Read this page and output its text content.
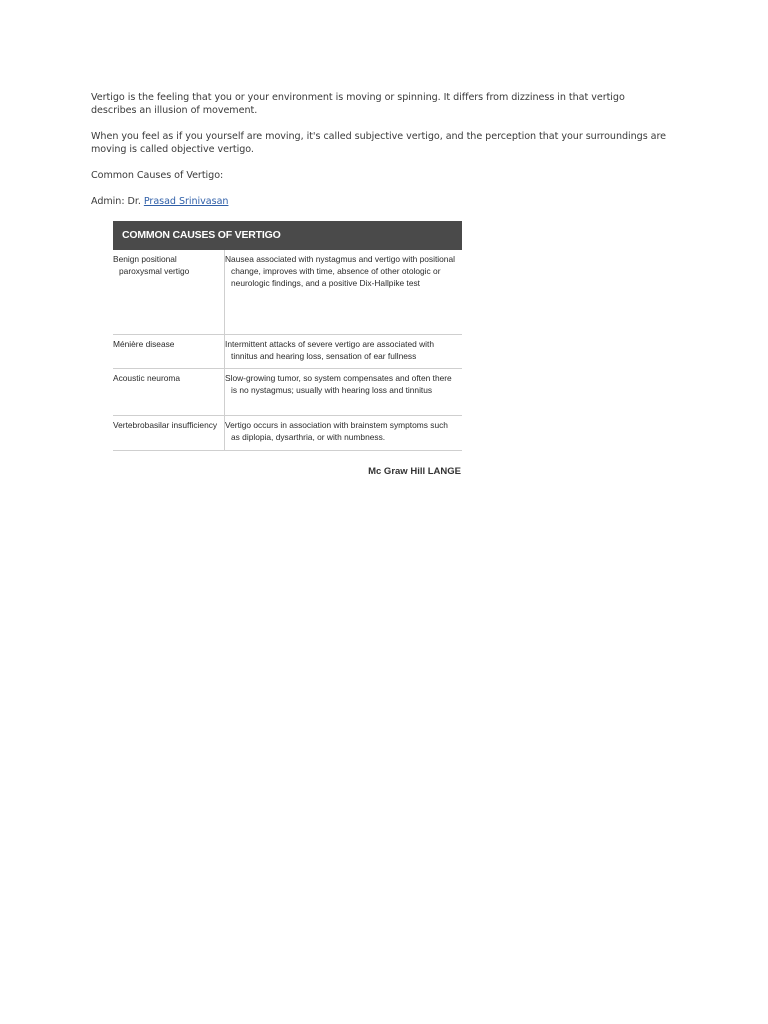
Vertigo is the feeling that you or your environment is moving or spinning. It differs from dizziness in that vertigo describes an illusion of movement.

When you feel as if you yourself are moving, it's called subjective vertigo, and the perception that your surroundings are moving is called objective vertigo.

Common Causes of Vertigo:

Admin: Dr. Prasad Srinivasan

COMMON CAUSES OF VERTIGO
Benign positional paroxysmal vertigo
Nausea associated with nystagmus and vertigo with positional change, improves with time, absence of other otologic or neurologic findings, and a positive Dix-Hallpike test
Ménière disease	Intermittent attacks of severe vertigo are associated with tinnitus and hearing loss, sensation of ear fullness
Acoustic neuroma	Slow-growing tumor, so system compensates and often there is no nystagmus; usually with hearing loss and tinnitus
Vertebrobasilar insufficiency Vertigo occurs in association with brainstem symptoms such as diplopia, dysarthria, or with numbness.
Mc Graw Hill LANGE
